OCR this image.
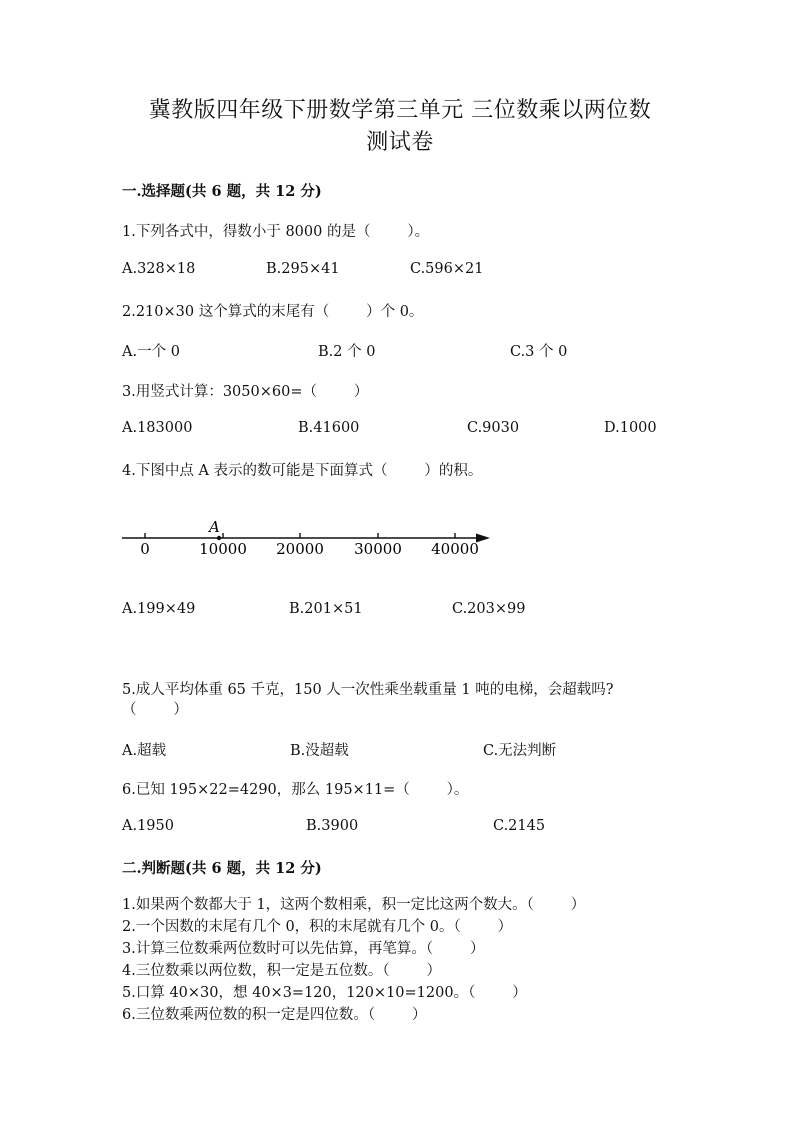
冀教版四年级下册数学第三单元 三位数乘以两位数
测试卷
一.选择题(共 6 题，共 12 分)
1.下列各式中，得数小于 8000 的是（        ）。
A.328×18	B.295×41	C.596×21
2.210×30 这个算式的末尾有（        ）个 0。
A.一个 0	B.2 个 0	C.3 个 0
3.用竖式计算：3050×60=（        ）
A.183000	B.41600	C.9030	D.1000
4.下图中点 A 表示的数可能是下面算式（        ）的积。
A
0	10000 20000 30000 40000
A.199×49	B.201×51	C.203×99
5.成人平均体重 65 千克，150 人一次性乘坐载重量 1 吨的电梯，会超载吗?
（        ）
A.超载	B.没超载	C.无法判断
6.已知 195×22=4290，那么 195×11=（        ）。
A.1950	B.3900	C.2145
二.判断题(共 6 题，共 12 分)
1.如果两个数都大于 1，这两个数相乘，积一定比这两个数大。（        ）
2.一个因数的末尾有几个 0，积的末尾就有几个 0。（        ）
3.计算三位数乘两位数时可以先估算，再笔算。（        ）
4.三位数乘以两位数，积一定是五位数。（        ）
5.口算 40×30，想 40×3=120，120×10=1200。（        ）
6.三位数乘两位数的积一定是四位数。（        ）
